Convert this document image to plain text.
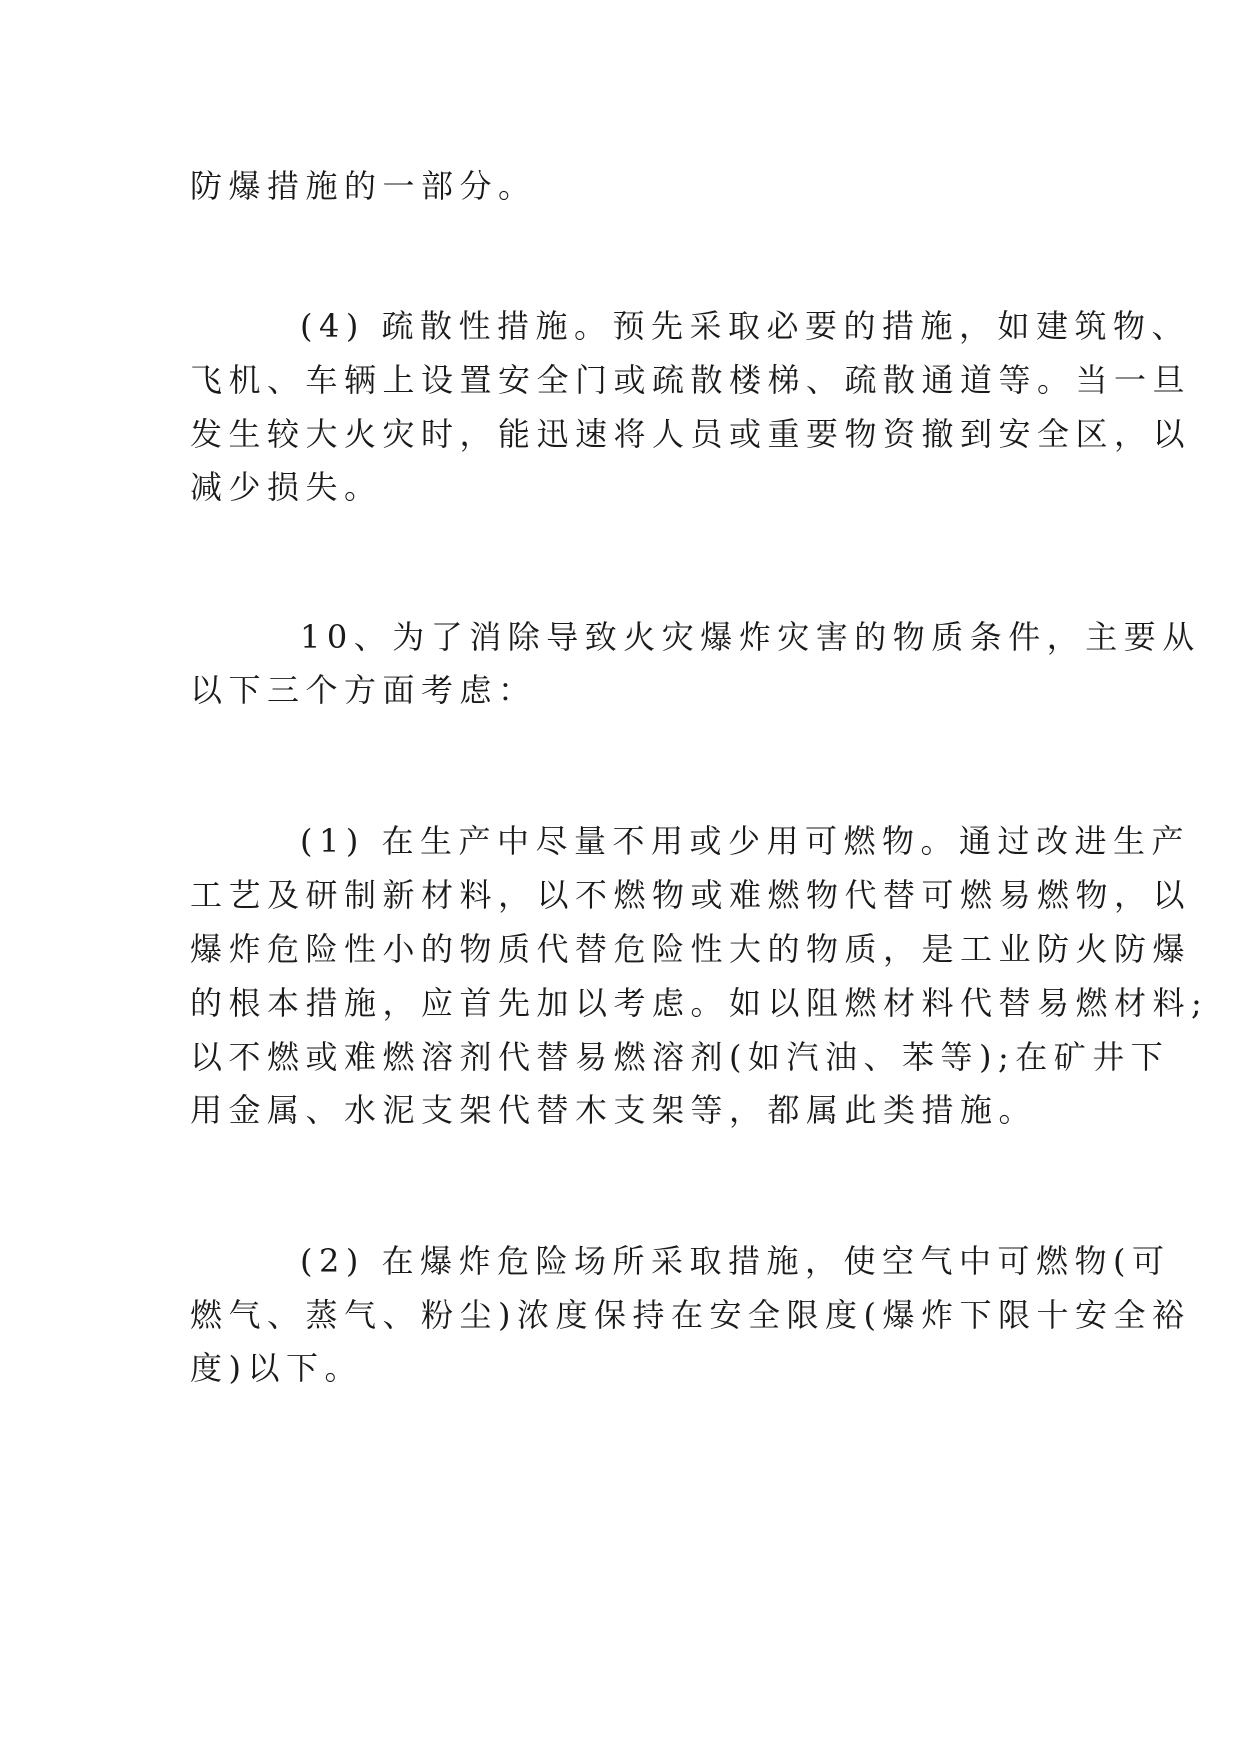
防爆措施的一部分。
(4) 疏散性措施。预先采取必要的措施，如建筑物、
飞机、车辆上设置安全门或疏散楼梯、疏散通道等。当一旦
发生较大火灾时，能迅速将人员或重要物资撤到安全区，以
减少损失。
10、为了消除导致火灾爆炸灾害的物质条件，主要从
以下三个方面考虑：
(1) 在生产中尽量不用或少用可燃物。通过改进生产
工艺及研制新材料，以不燃物或难燃物代替可燃易燃物，以
爆炸危险性小的物质代替危险性大的物质，是工业防火防爆
的根本措施，应首先加以考虑。如以阻燃材料代替易燃材料;
以不燃或难燃溶剂代替易燃溶剂(如汽油、苯等);在矿井下
用金属、水泥支架代替木支架等，都属此类措施。
(2) 在爆炸危险场所采取措施，使空气中可燃物(可
燃气、蒸气、粉尘)浓度保持在安全限度(爆炸下限十安全裕
度)以下。
